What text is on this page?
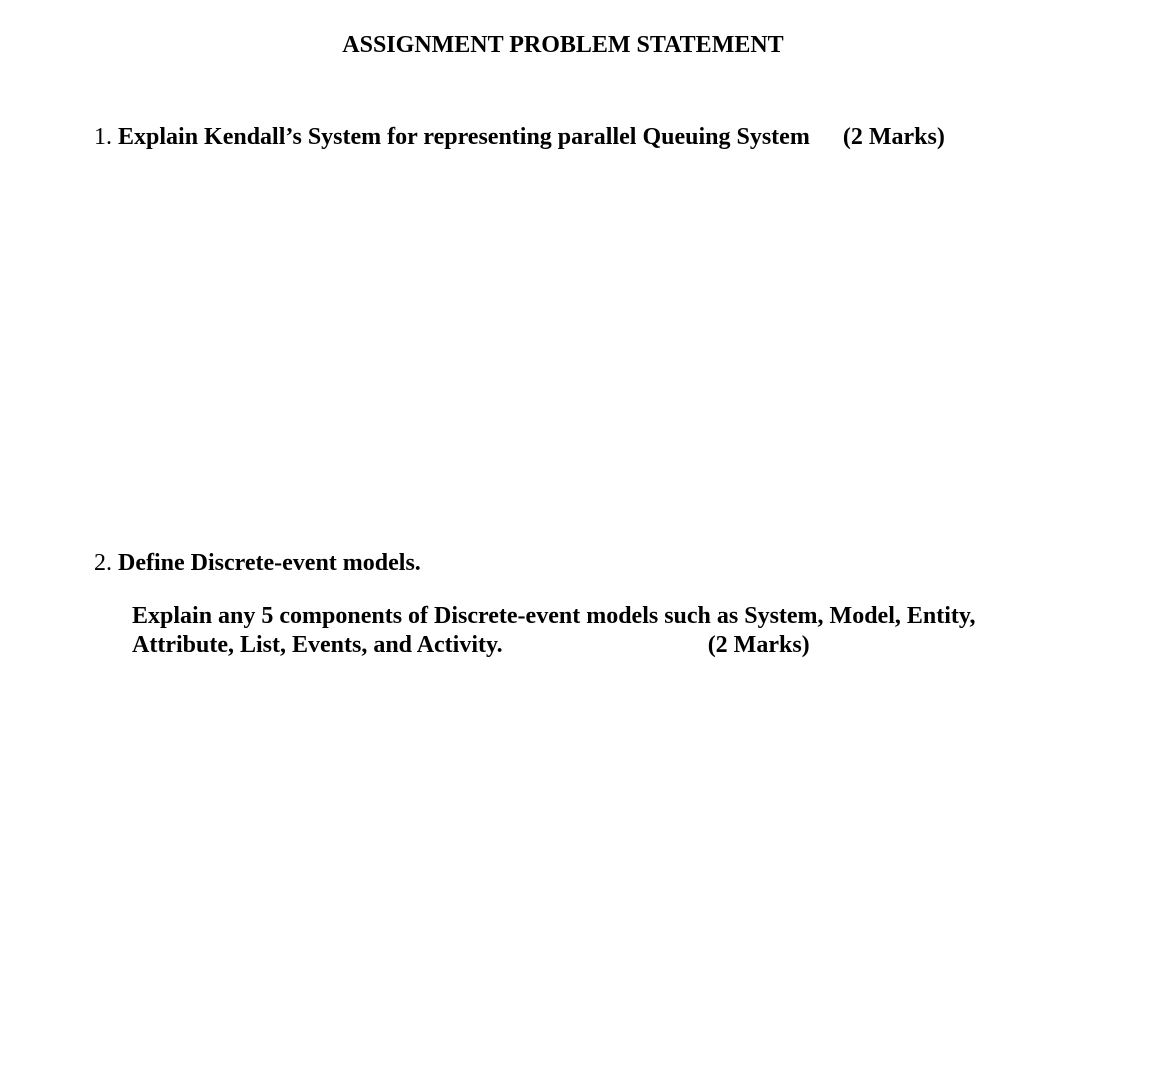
ASSIGNMENT PROBLEM STATEMENT
1. Explain Kendall’s System for representing parallel Queuing System (2 Marks)
2. Define Discrete-event models.
Explain any 5 components of Discrete-event models such as System, Model, Entity,
Attribute, List, Events, and Activity.	(2 Marks)
